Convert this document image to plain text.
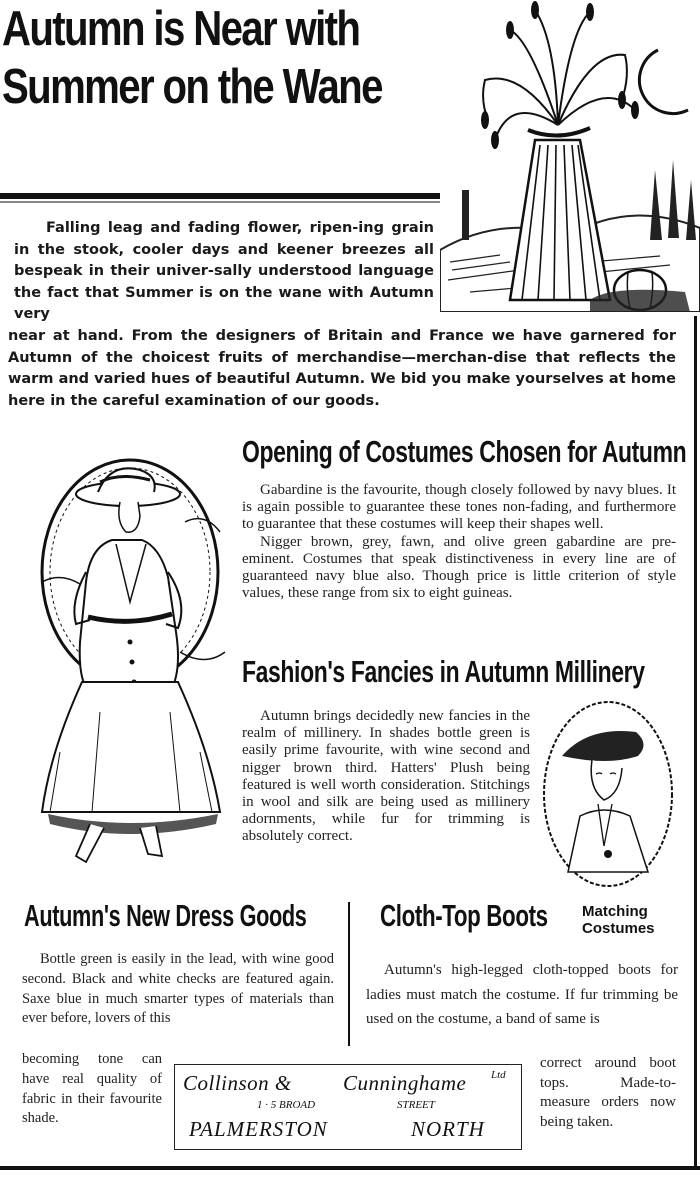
Autumn is Near with
Summer on the Wane
Falling leag and fading flower, ripen-ing grain in the stook, cooler days and keener breezes all bespeak in their univer-sally understood language the fact that Summer is on the wane with Autumn very
near at hand. From the designers of Britain and France we have garnered for Autumn of the choicest fruits of merchandise—merchan-dise that reflects the warm and varied hues of beautiful Autumn. We bid you make yourselves at home here in the careful examination of our goods.
Opening of Costumes Chosen for Autumn

Gabardine is the favourite, though closely followed by navy blues. It is again possible to guarantee these tones non-fading, and furthermore to guarantee that these costumes will keep their shapes well.

Nigger brown, grey, fawn, and olive green gabardine are pre-eminent. Costumes that speak distinctiveness in every line are of guaranteed navy blue also. Though price is little criterion of style values, these range from six to eight guineas.

Fashion's Fancies in Autumn Millinery

Autumn brings decidedly new fancies in the realm of millinery. In shades bottle green is easily prime favourite, with wine second and nigger brown third. Hatters' Plush being featured is well worth consideration. Stitchings in wool and silk are being used as millinery adornments, while fur for trimming is absolutely correct.

Autumn's New Dress Goods

Bottle green is easily in the lead, with wine good second. Black and white checks are featured again. Saxe blue in much smarter types of materials than ever before, lovers of this

becoming tone can have real quality of fabric in their favourite shade.

Cloth-Top Boots Matching
Costumes

Autumn's high-legged cloth-topped boots for ladies must match the costume. If fur trimming be used on the costume, a band of same is

correct around boot tops. Made-to-measure orders now being taken.

Collinson & Cunninghame Ltd
1 · 5 BROAD	STREET
PALMERSTON	NORTH
